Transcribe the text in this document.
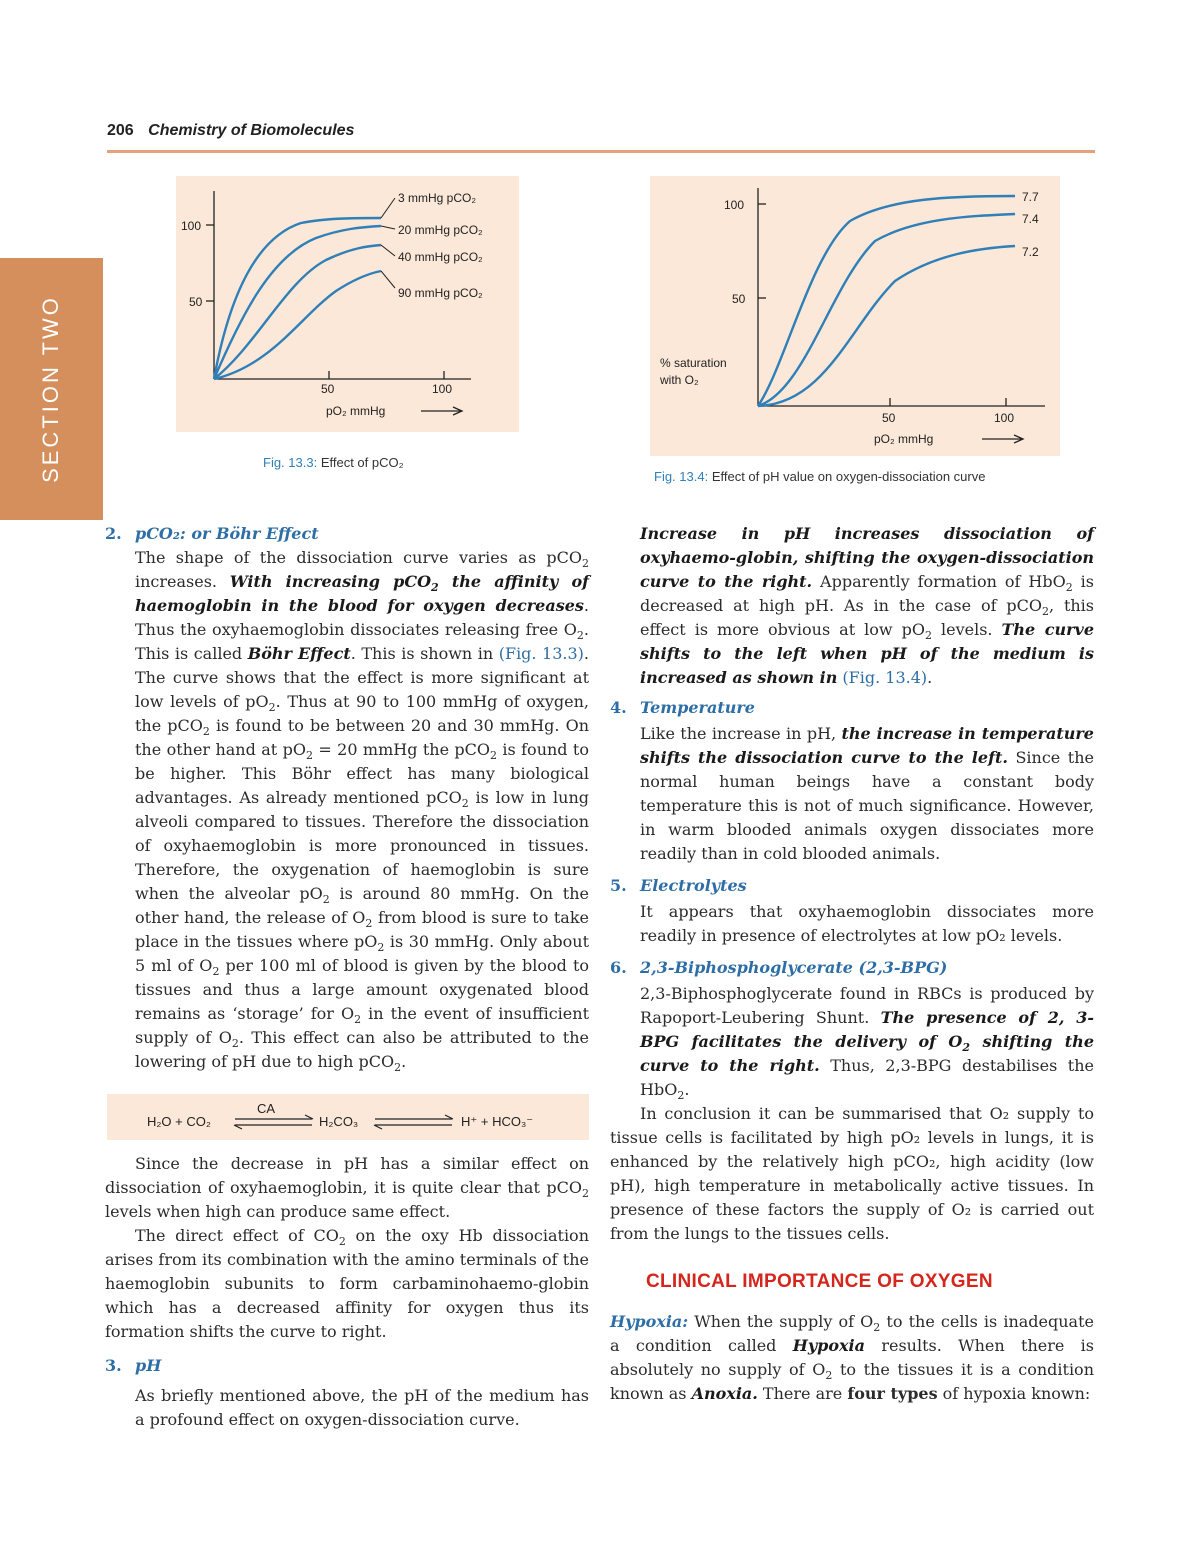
206 Chemistry of Biomolecules
SECTION TWO
100
50
50	100
pO₂ mmHg
3 mmHg pCO₂
20 mmHg pCO₂
40 mmHg pCO₂
90 mmHg pCO₂
Fig. 13.3: Effect of pCO₂
100
50
% saturation
with O₂
50	100
pO₂ mmHg
7.7
7.4
7.2
Fig. 13.4: Effect of pH value on oxygen-dissociation curve

2. pCO₂: or Böhr Effect

The shape of the dissociation curve varies as pCO$_2$ increases. With increasing pCO$_2$ the affinity of haemoglobin in the blood for oxygen decreases. Thus the oxyhaemoglobin dissociates releasing free $O_2$. This is called Böhr Effect. This is shown in (Fig. 13.3). The curve shows that the effect is more significant at low levels of $pO_2$. Thus at 90 to 100 mmHg of oxygen, the pCO$_2$ is found to be between 20 and 30 mmHg. On the other hand at $pO_2 = 20$ mmHg the pCO$_2$ is found to be higher. This Böhr effect has many biological advantages. As already mentioned pCO$_2$ is low in lung alveoli compared to tissues. Therefore the dissociation of oxyhaemoglobin is more pronounced in tissues. Therefore, the oxygenation of haemoglobin is sure when the alveolar $pO_2$ is around 80 mmHg. On the other hand, the release of $O_2$ from blood is sure to take place in the tissues where $pO_2$ is 30 mmHg. Only about 5 ml of $O_2$ per 100 ml of blood is given by the blood to tissues and thus a large amount oxygenated blood remains as ‘storage’ for $O_2$ in the event of insufficient supply of $O_2$. This effect can also be attributed to the lowering of pH due to high pCO$_2$.

H₂O + CO₂
CA
H₂CO₃	H⁺ + HCO₃⁻

Since the decrease in pH has a similar effect on dissociation of oxyhaemoglobin, it is quite clear that pCO$_2$ levels when high can produce same effect.

The direct effect of $CO_2$ on the oxy Hb dissociation arises from its combination with the amino terminals of the haemoglobin subunits to form carbaminohaemo-globin which has a decreased affinity for oxygen thus its formation shifts the curve to right.

3. pH

As briefly mentioned above, the pH of the medium has a profound effect on oxygen-dissociation curve.

Increase in pH increases dissociation of oxyhaemo-globin, shifting the oxygen-dissociation curve to the right. Apparently formation of HbO$_2$ is decreased at high pH. As in the case of pCO$_2$, this effect is more obvious at low $pO_2$ levels. The curve shifts to the left when pH of the medium is increased as shown in (Fig. 13.4).

4. Temperature

Like the increase in pH, the increase in temperature shifts the dissociation curve to the left. Since the normal human beings have a constant body temperature this is not of much significance. However, in warm blooded animals oxygen dissociates more readily than in cold blooded animals.

5. Electrolytes

It appears that oxyhaemoglobin dissociates more readily in presence of electrolytes at low pO₂ levels.

6. 2,3-Biphosphoglycerate (2,3-BPG)

2,3-Biphosphoglycerate found in RBCs is produced by Rapoport-Leubering Shunt. The presence of 2, 3-BPG facilitates the delivery of $O_2$ shifting the curve to the right. Thus, 2,3-BPG destabilises the HbO$_2$.

In conclusion it can be summarised that O₂ supply to tissue cells is facilitated by high pO₂ levels in lungs, it is enhanced by the relatively high pCO₂, high acidity (low pH), high temperature in metabolically active tissues. In presence of these factors the supply of O₂ is carried out from the lungs to the tissues cells.

CLINICAL IMPORTANCE OF OXYGEN

Hypoxia: When the supply of $O_2$ to the cells is inadequate a condition called Hypoxia results. When there is absolutely no supply of $O_2$ to the tissues it is a condition known as Anoxia. There are four types of hypoxia known:
